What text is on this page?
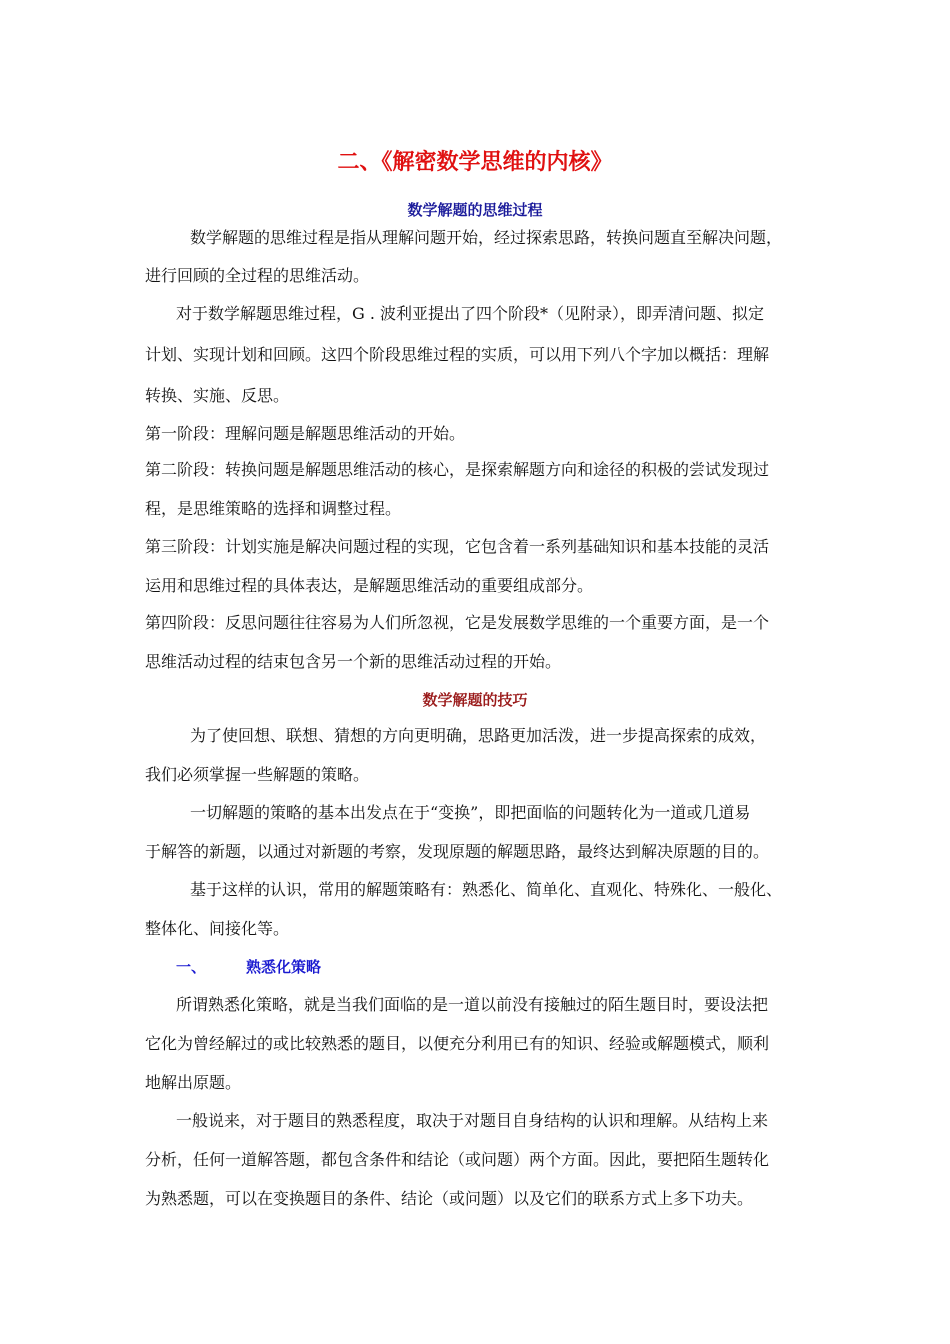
二、《解密数学思维的内核》
数学解题的思维过程
数学解题的思维过程是指从理解问题开始，经过探索思路，转换问题直至解决问题，
进行回顾的全过程的思维活动。
对于数学解题思维过程，G . 波利亚提出了四个阶段*（见附录），即弄清问题、拟定
计划、实现计划和回顾。这四个阶段思维过程的实质，可以用下列八个字加以概括：理解
转换、实施、反思。
第一阶段：理解问题是解题思维活动的开始。
第二阶段：转换问题是解题思维活动的核心，是探索解题方向和途径的积极的尝试发现过
程，是思维策略的选择和调整过程。
第三阶段：计划实施是解决问题过程的实现，它包含着一系列基础知识和基本技能的灵活
运用和思维过程的具体表达，是解题思维活动的重要组成部分。
第四阶段：反思问题往往容易为人们所忽视，它是发展数学思维的一个重要方面，是一个
思维活动过程的结束包含另一个新的思维活动过程的开始。
数学解题的技巧
为了使回想、联想、猜想的方向更明确，思路更加活泼，进一步提高探索的成效，
我们必须掌握一些解题的策略。
一切解题的策略的基本出发点在于“变换”，即把面临的问题转化为一道或几道易
于解答的新题，以通过对新题的考察，发现原题的解题思路，最终达到解决原题的目的。
基于这样的认识，常用的解题策略有：熟悉化、简单化、直观化、特殊化、一般化、
整体化、间接化等。
一、	熟悉化策略
所谓熟悉化策略，就是当我们面临的是一道以前没有接触过的陌生题目时，要设法把
它化为曾经解过的或比较熟悉的题目，以便充分利用已有的知识、经验或解题模式，顺利
地解出原题。
一般说来，对于题目的熟悉程度，取决于对题目自身结构的认识和理解。从结构上来
分析，任何一道解答题，都包含条件和结论（或问题）两个方面。因此，要把陌生题转化
为熟悉题，可以在变换题目的条件、结论（或问题）以及它们的联系方式上多下功夫。
